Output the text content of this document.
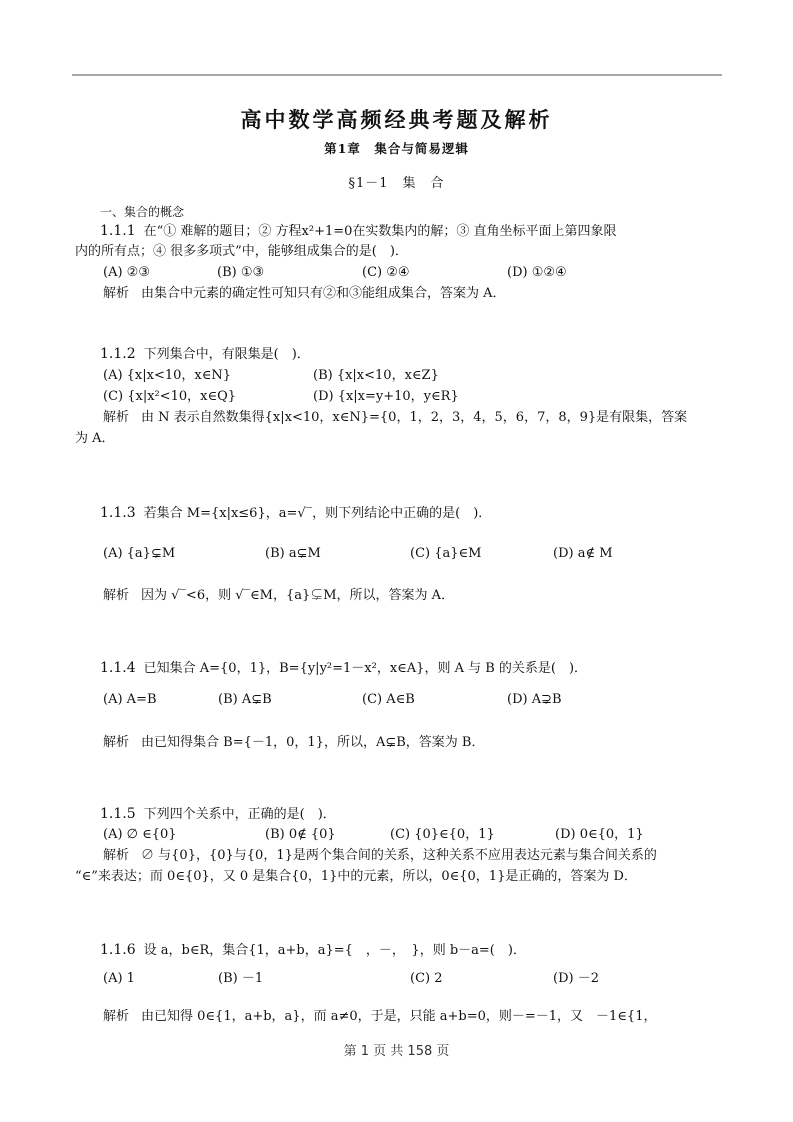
高中数学高频经典考题及解析
第1章　集合与简易逻辑
§1－1　集　合
一、集合的概念
1.1.1 在“① 难解的题目；② 方程x²+1=0在实数集内的解；③ 直角坐标平面上第四象限
内的所有点；④ 很多多项式”中，能够组成集合的是(　)．
(A) ②③	(B) ①③	(C) ②④	(D) ①②④
解析 由集合中元素的确定性可知只有②和③能组成集合，答案为 A．
1.1.2 下列集合中，有限集是(　)．
(A) {x|x<10，x∈N}	(B) {x|x<10，x∈Z}
(C) {x|x²<10，x∈Q}	(D) {x|x=y+10，y∈R}
解析 由 N 表示自然数集得{x|x<10，x∈N}={0，1，2，3，4，5，6，7，8，9}是有限集，答案
为 A．
1.1.3 若集合 M={x|x≤6}，a=√‾，则下列结论中正确的是(　)．
(A) {a}⊊M	(B) a⊊M	(C) {a}∈M	(D) a∉ M
解析 因为 √‾<6，则 √‾∈M，{a}⊊M，所以，答案为 A．
1.1.4 已知集合 A={0，1}，B={y|y²=1－x²，x∈A}，则 A 与 B 的关系是(　)．
(A) A=B	(B) A⊊B	(C) A∈B	(D) A⊋B
解析 由已知得集合 B={－1，0，1}，所以，A⊊B，答案为 B．
1.1.5 下列四个关系中，正确的是(　)．
(A) ∅ ∈{0}	(B) 0∉ {0}	(C) {0}∈{0，1}	(D) 0∈{0，1}
解析 ∅ 与{0}，{0}与{0，1}是两个集合间的关系，这种关系不应用表达元素与集合间关系的
“∈”来表达；而 0∈{0}，又 0 是集合{0，1}中的元素，所以，0∈{0，1}是正确的，答案为 D．
1.1.6 设 a，b∈R，集合{1，a+b，a}={　，－，　}，则 b－a=(　)．
(A) 1	(B) －1	(C) 2	(D) －2
解析 由已知得 0∈{1，a+b，a}，而 a≠0，于是，只能 a+b=0，则－=－1，又　－1∈{1，
第 1 页 共 158 页
